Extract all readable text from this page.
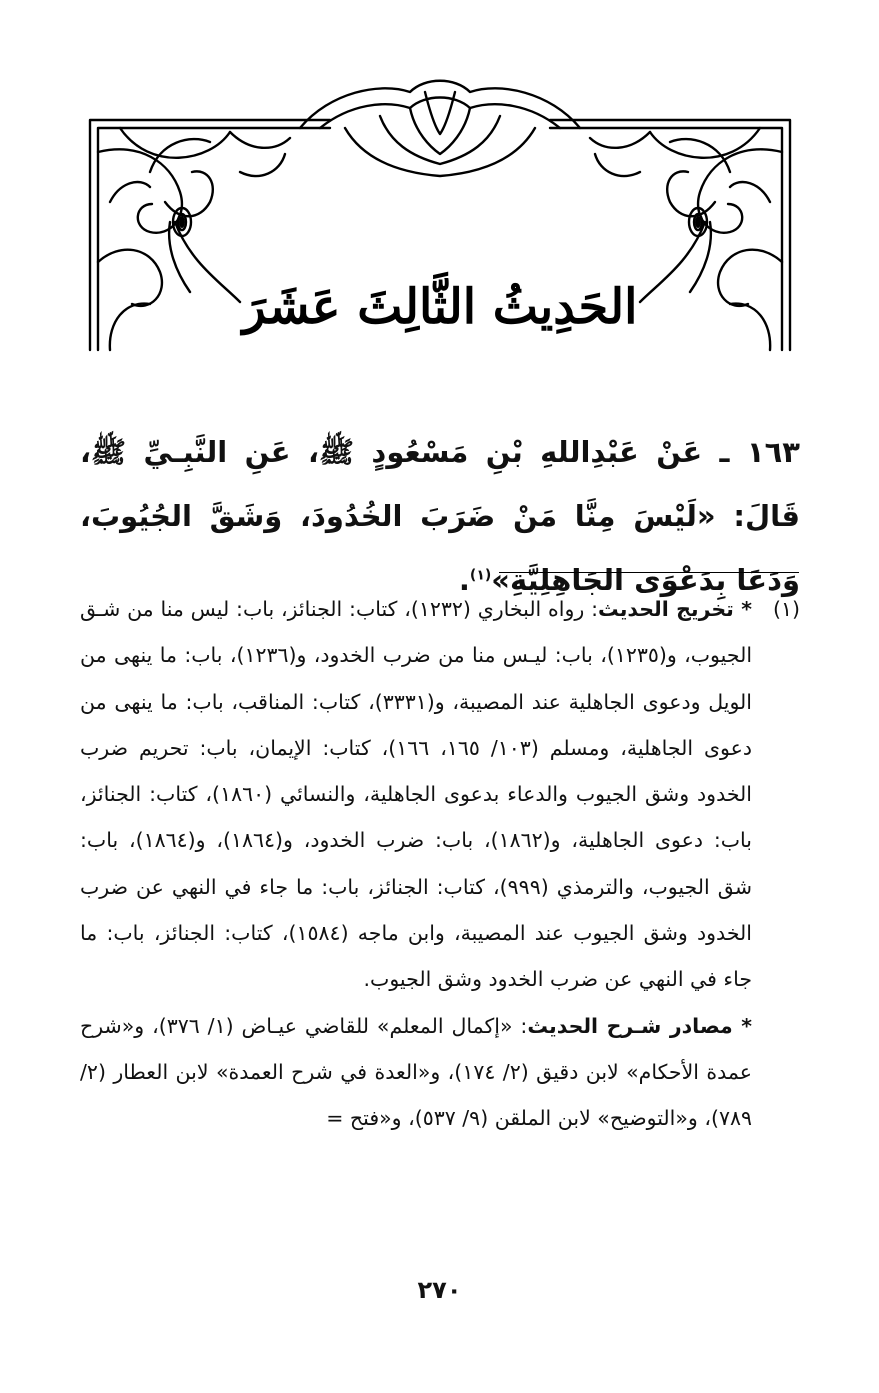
الحَدِيثُ الثَّالِثَ عَشَرَ
١٦٣ ـ عَنْ عَبْدِاللهِ بْنِ مَسْعُودٍ ﷺ، عَنِ النَّبِـيِّ ﷺ، قَالَ: «لَيْسَ مِنَّا مَنْ ضَرَبَ الخُدُودَ، وَشَقَّ الجُيُوبَ، وَدَعَا بِدَعْوَى الجَاهِلِيَّةِ»$^{(١)}$.
(١)

* تخريج الحديث: رواه البخاري (١٢٣٢)، كتاب: الجنائز، باب: ليس منا من شـق الجيوب، و(١٢٣٥)، باب: ليـس منا من ضرب الخدود، و(١٢٣٦)، باب: ما ينهى من الويل ودعوى الجاهلية عند المصيبة، و(٣٣٣١)، كتاب: المناقب، باب: ما ينهى من دعوى الجاهلية، ومسلم (١٠٣/ ١٦٥، ١٦٦)، كتاب: الإيمان، باب: تحريم ضرب الخدود وشق الجيوب والدعاء بدعوى الجاهلية، والنسائي (١٨٦٠)، كتاب: الجنائز، باب: دعوى الجاهلية، و(١٨٦٢)، باب: ضرب الخدود، و(١٨٦٤)، و(١٨٦٤)، باب: شق الجيوب، والترمذي (٩٩٩)، كتاب: الجنائز، باب: ما جاء في النهي عن ضرب الخدود وشق الجيوب عند المصيبة، وابن ماجه (١٥٨٤)، كتاب: الجنائز، باب: ما جاء في النهي عن ضرب الخدود وشق الجيوب.

* مصادر شـرح الحديث: «إكمال المعلم» للقاضي عيـاض (١/ ٣٧٦)، و«شرح عمدة الأحكام» لابن دقيق (٢/ ١٧٤)، و«العدة في شرح العمدة» لابن العطار (٢/ ٧٨٩)، و«التوضيح» لابن الملقن (٩/ ٥٣٧)، و«فتح =

٢٧٠
